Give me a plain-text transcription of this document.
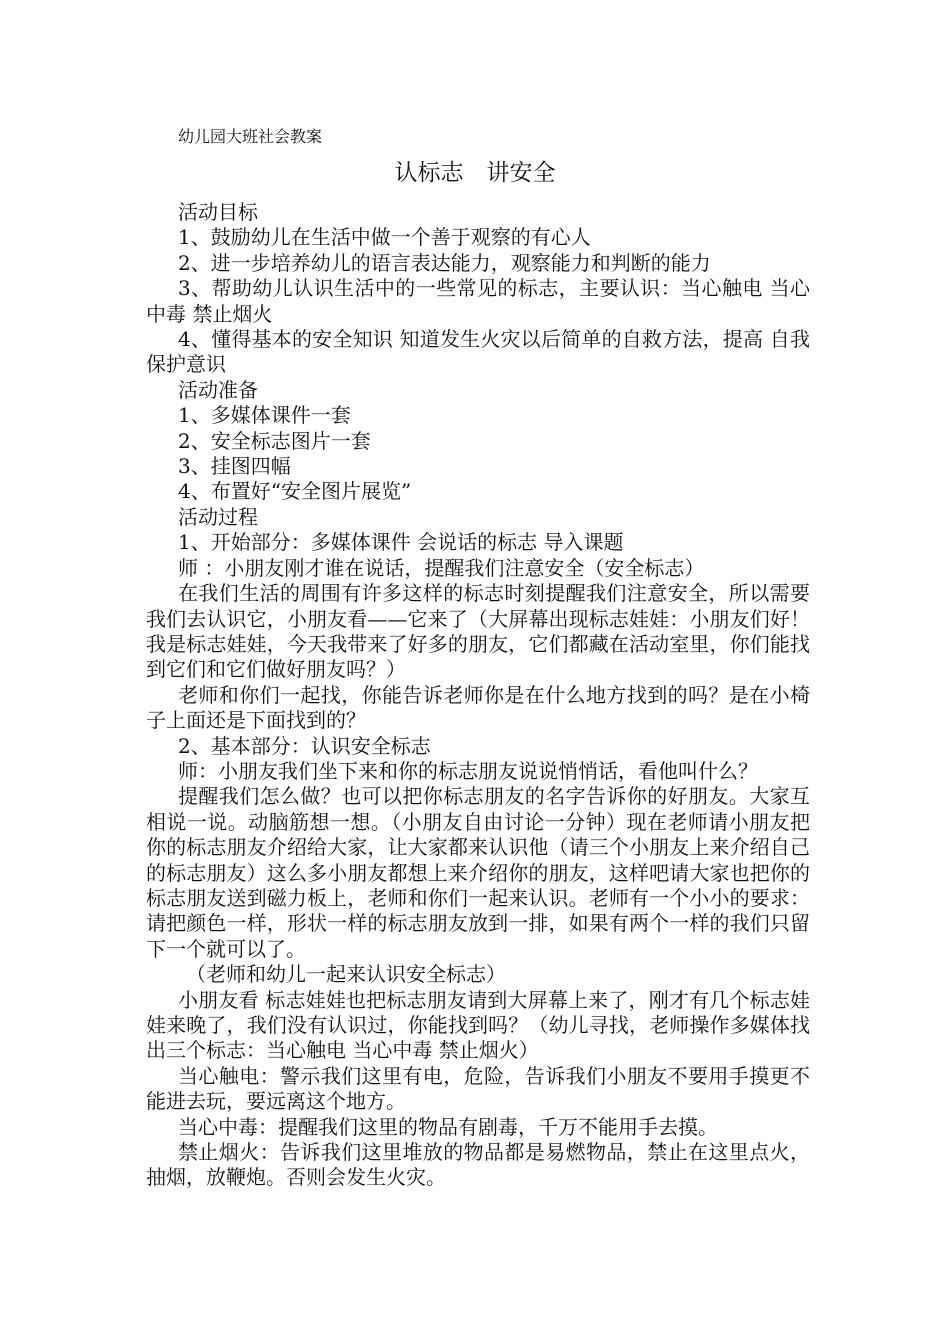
幼儿园大班社会教案
认标志　讲安全

活动目标

1、鼓励幼儿在生活中做一个善于观察的有心人

2、进一步培养幼儿的语言表达能力，观察能力和判断的能力

3、帮助幼儿认识生活中的一些常见的标志，主要认识：当心触电 当心中毒 禁止烟火

4、懂得基本的安全知识 知道发生火灾以后简单的自救方法，提高 自我保护意识

活动准备

1、多媒体课件一套

2、安全标志图片一套

3、挂图四幅

4、布置好“安全图片展览”

活动过程

1、开始部分：多媒体课件 会说话的标志 导入课题

师 ：小朋友刚才谁在说话，提醒我们注意安全（安全标志）

在我们生活的周围有许多这样的标志时刻提醒我们注意安全，所以需要我们去认识它，小朋友看——它来了（大屏幕出现标志娃娃：小朋友们好！我是标志娃娃，今天我带来了好多的朋友，它们都藏在活动室里，你们能找到它们和它们做好朋友吗？）

老师和你们一起找，你能告诉老师你是在什么地方找到的吗？是在小椅子上面还是下面找到的？

2、基本部分：认识安全标志

师：小朋友我们坐下来和你的标志朋友说说悄悄话，看他叫什么？

提醒我们怎么做？也可以把你标志朋友的名字告诉你的好朋友。大家互相说一说。动脑筋想一想。（小朋友自由讨论一分钟）现在老师请小朋友把你的标志朋友介绍给大家，让大家都来认识他（请三个小朋友上来介绍自己的标志朋友）这么多小朋友都想上来介绍你的朋友，这样吧请大家也把你的标志朋友送到磁力板上，老师和你们一起来认识。老师有一个小小的要求：请把颜色一样，形状一样的标志朋友放到一排，如果有两个一样的我们只留下一个就可以了。

（老师和幼儿一起来认识安全标志）

小朋友看 标志娃娃也把标志朋友请到大屏幕上来了，刚才有几个标志娃娃来晚了，我们没有认识过，你能找到吗？（幼儿寻找，老师操作多媒体找出三个标志：当心触电 当心中毒 禁止烟火）

当心触电：警示我们这里有电，危险，告诉我们小朋友不要用手摸更不能进去玩，要远离这个地方。

当心中毒：提醒我们这里的物品有剧毒，千万不能用手去摸。

禁止烟火：告诉我们这里堆放的物品都是易燃物品，禁止在这里点火，抽烟，放鞭炮。否则会发生火灾。
